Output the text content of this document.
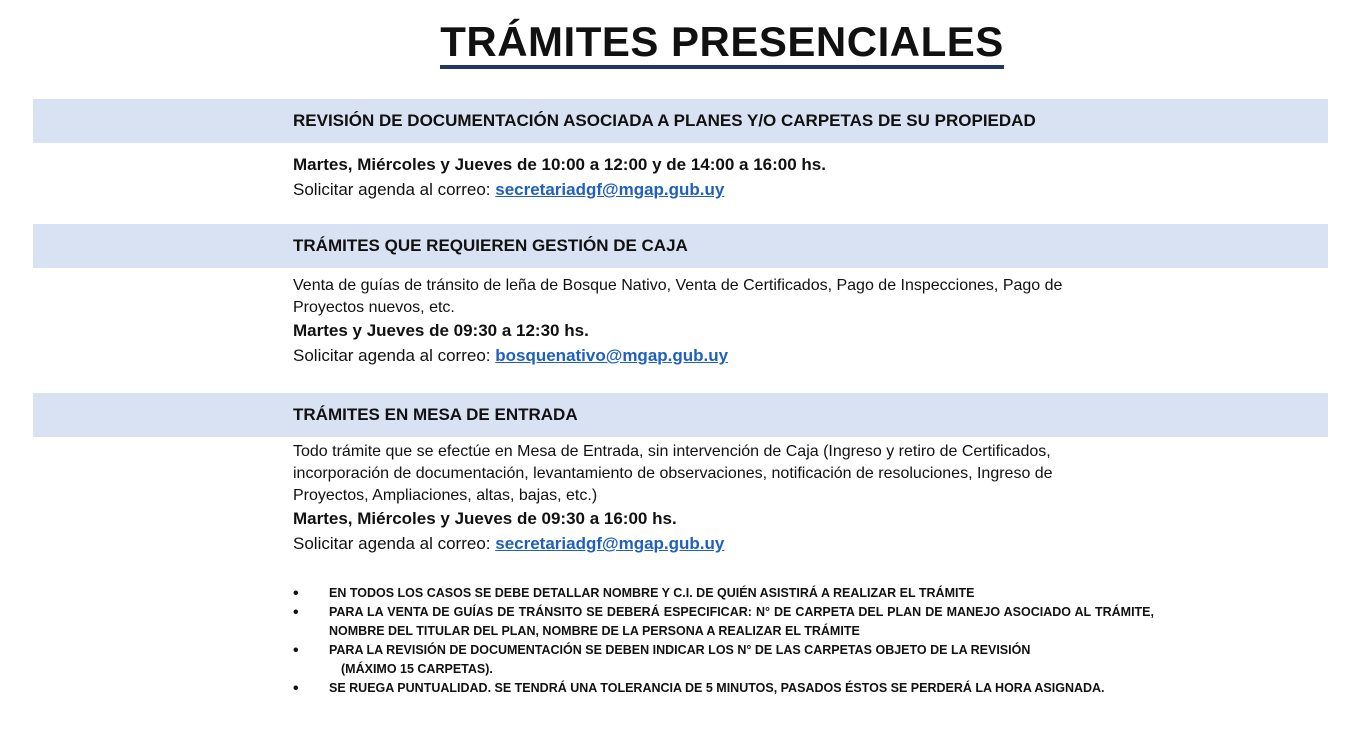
TRÁMITES PRESENCIALES
REVISIÓN DE DOCUMENTACIÓN ASOCIADA A PLANES Y/O CARPETAS DE SU PROPIEDAD

Martes, Miércoles y Jueves de 10:00 a 12:00 y de 14:00 a 16:00 hs.

Solicitar agenda al correo: secretariadgf@mgap.gub.uy

TRÁMITES QUE REQUIEREN GESTIÓN DE CAJA

Venta de guías de tránsito de leña de Bosque Nativo, Venta de Certificados, Pago de Inspecciones, Pago de Proyectos nuevos, etc.

Martes y Jueves de 09:30 a 12:30 hs.

Solicitar agenda al correo: bosquenativo@mgap.gub.uy

TRÁMITES EN MESA DE ENTRADA

Todo trámite que se efectúe en Mesa de Entrada, sin intervención de Caja (Ingreso y retiro de Certificados, incorporación de documentación, levantamiento de observaciones, notificación de resoluciones, Ingreso de Proyectos, Ampliaciones, altas, bajas, etc.)

Martes, Miércoles y Jueves de 09:30 a 16:00 hs.

Solicitar agenda al correo: secretariadgf@mgap.gub.uy

• EN TODOS LOS CASOS SE DEBE DETALLAR NOMBRE Y C.I. DE QUIÉN ASISTIRÁ A REALIZAR EL TRÁMITE
• PARA LA VENTA DE GUÍAS DE TRÁNSITO SE DEBERÁ ESPECIFICAR: N° DE CARPETA DEL PLAN DE MANEJO ASOCIADO AL TRÁMITE, NOMBRE DEL TITULAR DEL PLAN, NOMBRE DE LA PERSONA A REALIZAR EL TRÁMITE
• PARA LA REVISIÓN DE DOCUMENTACIÓN SE DEBEN INDICAR LOS N° DE LAS CARPETAS OBJETO DE LA REVISIÓN
(MÁXIMO 15 CARPETAS).
• SE RUEGA PUNTUALIDAD. SE TENDRÁ UNA TOLERANCIA DE 5 MINUTOS, PASADOS ÉSTOS SE PERDERÁ LA HORA ASIGNADA.
